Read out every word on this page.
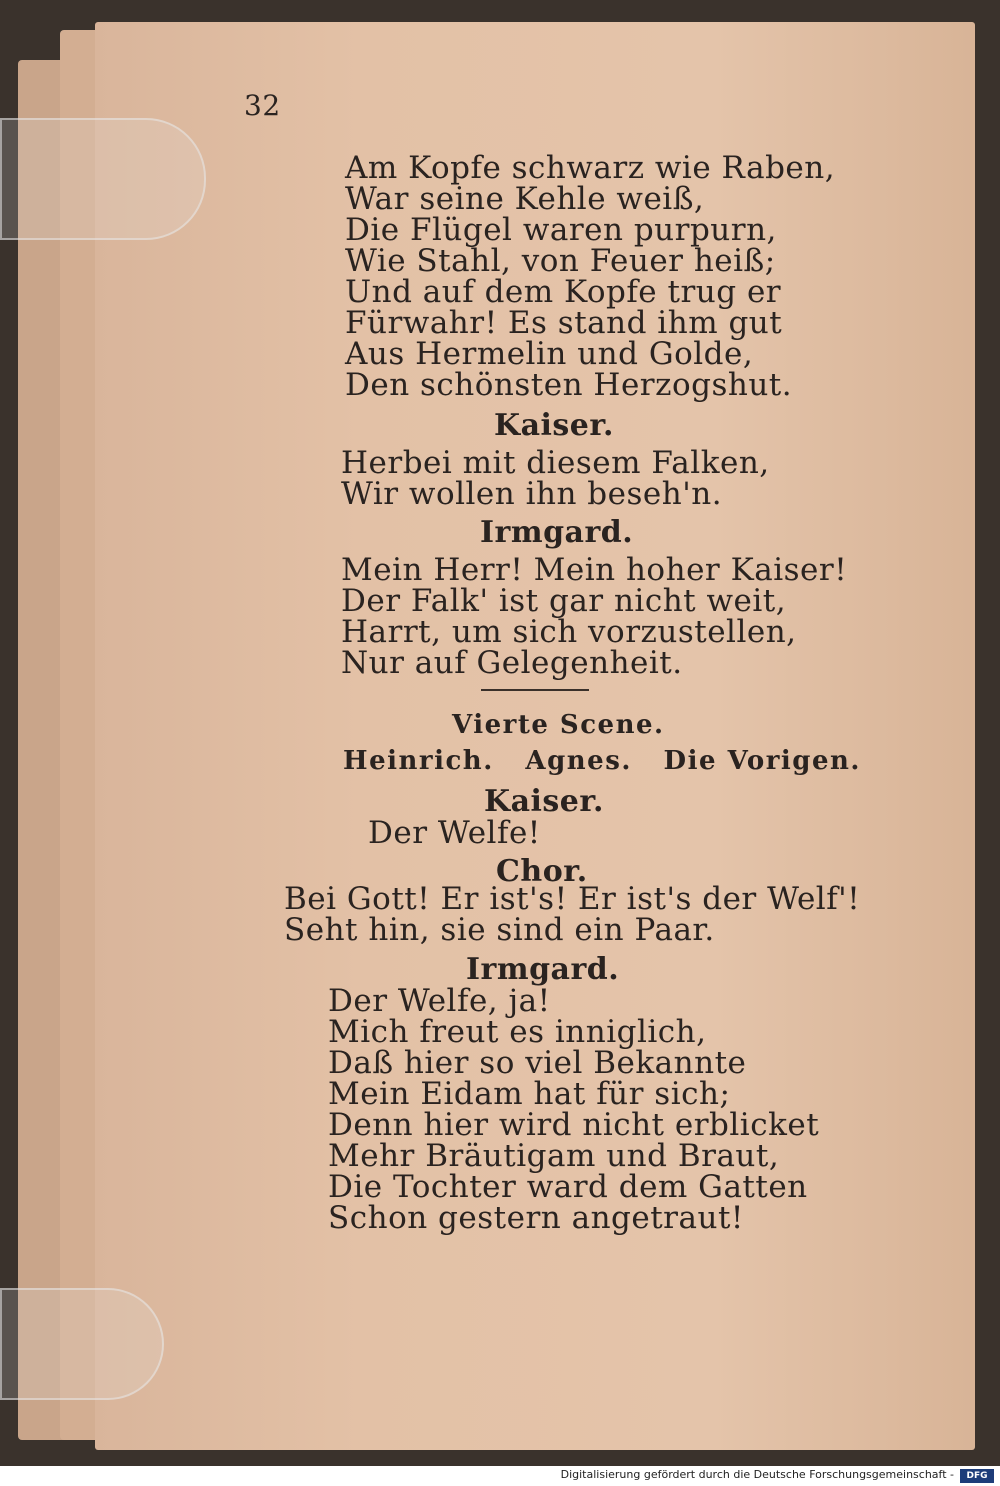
32
Am Kopfe schwarz wie Raben,
War seine Kehle weiß,
Die Flügel waren purpurn,
Wie Stahl, von Feuer heiß;
Und auf dem Kopfe trug er
Fürwahr! Es stand ihm gut
Aus Hermelin und Golde,
Den schönsten Herzogshut.
Kaiser.
Herbei mit diesem Falken,
Wir wollen ihn beseh'n.
Irmgard.
Mein Herr! Mein hoher Kaiser!
Der Falk' ist gar nicht weit,
Harrt, um sich vorzustellen,
Nur auf Gelegenheit.
Vierte Scene.
Heinrich.   Agnes.   Die Vorigen.
Kaiser.
Der Welfe!
Chor.
Bei Gott! Er ist's! Er ist's der Welf'!
Seht hin, sie sind ein Paar.
Irmgard.
Der Welfe, ja!
Mich freut es inniglich,
Daß hier so viel Bekannte
Mein Eidam hat für sich;
Denn hier wird nicht erblicket
Mehr Bräutigam und Braut,
Die Tochter ward dem Gatten
Schon gestern angetraut!
Digitalisierung gefördert durch die Deutsche Forschungsgemeinschaft -	DFG
